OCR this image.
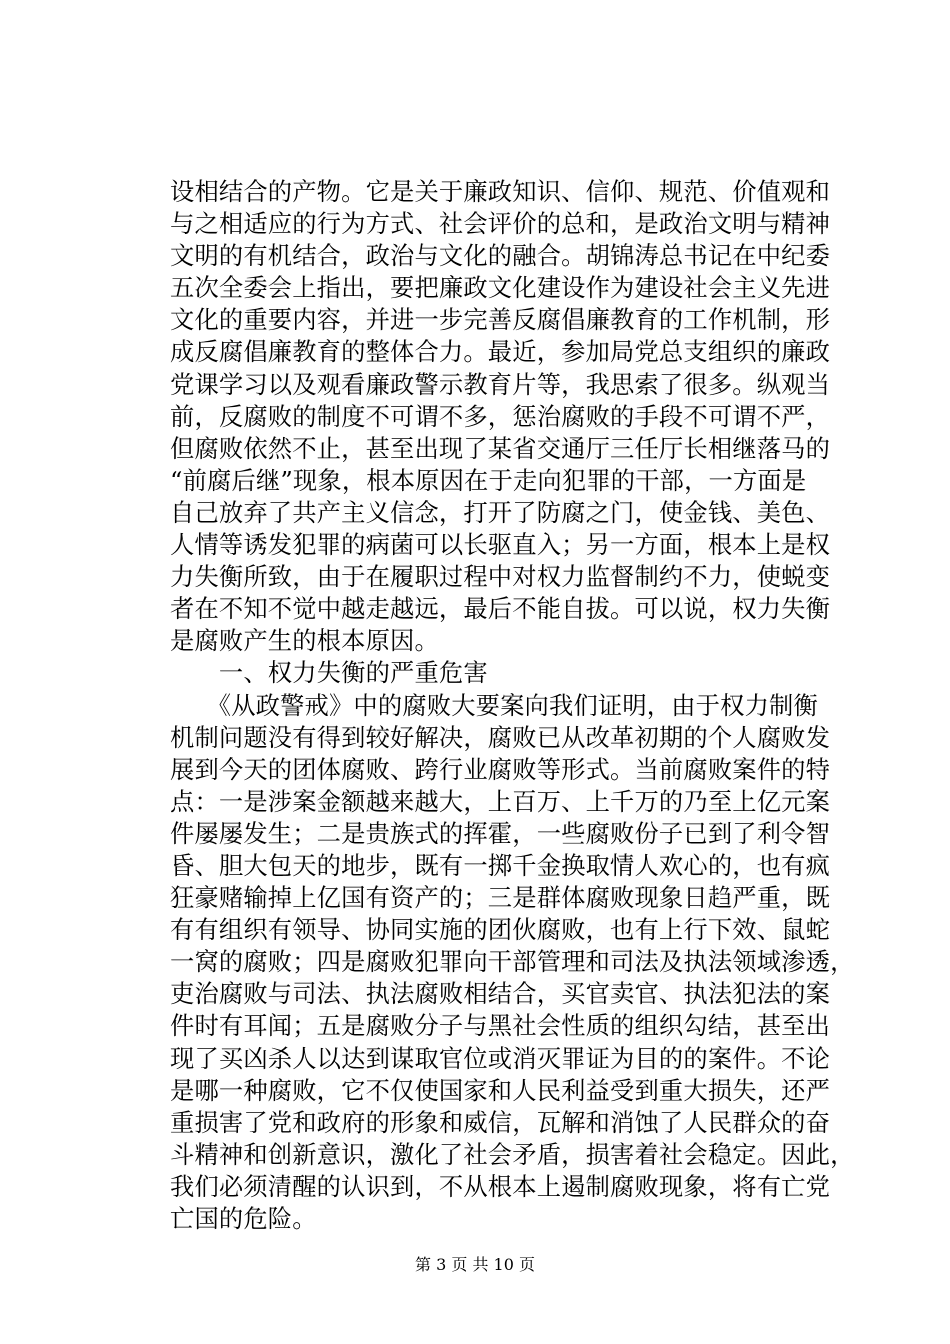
设相结合的产物。它是关于廉政知识、信仰、规范、价值观和
与之相适应的行为方式、社会评价的总和，是政治文明与精神
文明的有机结合，政治与文化的融合。胡锦涛总书记在中纪委
五次全委会上指出，要把廉政文化建设作为建设社会主义先进
文化的重要内容，并进一步完善反腐倡廉教育的工作机制，形
成反腐倡廉教育的整体合力。最近，参加局党总支组织的廉政
党课学习以及观看廉政警示教育片等，我思索了很多。纵观当
前，反腐败的制度不可谓不多，惩治腐败的手段不可谓不严，
但腐败依然不止，甚至出现了某省交通厅三任厅长相继落马的
“前腐后继”现象，根本原因在于走向犯罪的干部，一方面是
自己放弃了共产主义信念，打开了防腐之门，使金钱、美色、
人情等诱发犯罪的病菌可以长驱直入；另一方面，根本上是权
力失衡所致，由于在履职过程中对权力监督制约不力，使蜕变
者在不知不觉中越走越远，最后不能自拔。可以说，权力失衡
是腐败产生的根本原因。
　　一、权力失衡的严重危害
　　《从政警戒》中的腐败大要案向我们证明，由于权力制衡
机制问题没有得到较好解决，腐败已从改革初期的个人腐败发
展到今天的团体腐败、跨行业腐败等形式。当前腐败案件的特
点：一是涉案金额越来越大，上百万、上千万的乃至上亿元案
件屡屡发生；二是贵族式的挥霍，一些腐败份子已到了利令智
昏、胆大包天的地步，既有一掷千金换取情人欢心的，也有疯
狂豪赌输掉上亿国有资产的；三是群体腐败现象日趋严重，既
有有组织有领导、协同实施的团伙腐败，也有上行下效、鼠蛇
一窝的腐败；四是腐败犯罪向干部管理和司法及执法领域渗透，
吏治腐败与司法、执法腐败相结合，买官卖官、执法犯法的案
件时有耳闻；五是腐败分子与黑社会性质的组织勾结，甚至出
现了买凶杀人以达到谋取官位或消灭罪证为目的的案件。不论
是哪一种腐败，它不仅使国家和人民利益受到重大损失，还严
重损害了党和政府的形象和威信，瓦解和消蚀了人民群众的奋
斗精神和创新意识，激化了社会矛盾，损害着社会稳定。因此，
我们必须清醒的认识到，不从根本上遏制腐败现象，将有亡党
亡国的危险。
第 3 页 共 10 页
